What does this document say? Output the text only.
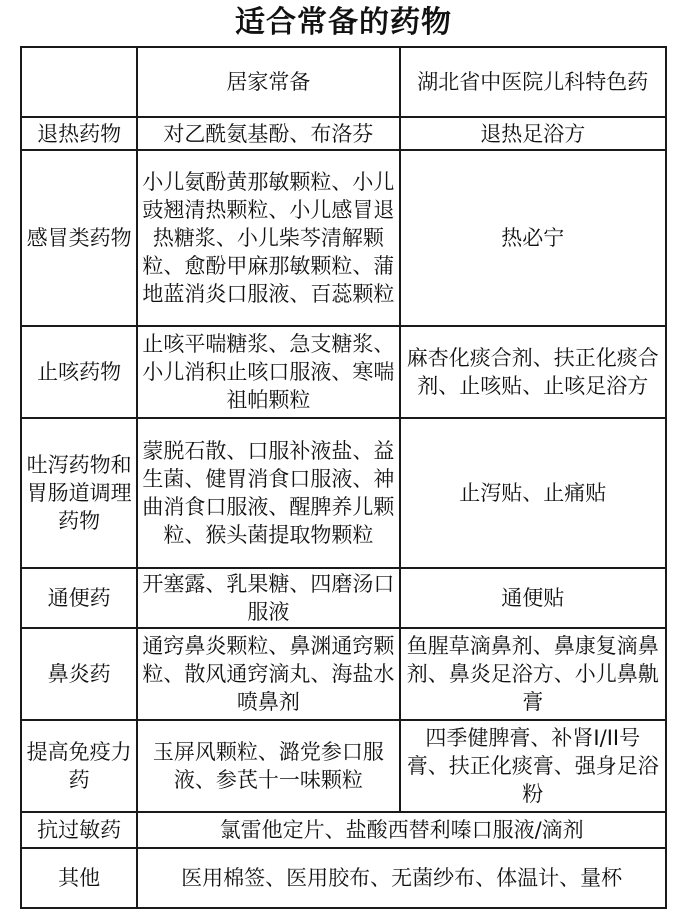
适合常备的药物
	居家常备	湖北省中医院儿科特色药
退热药物	对乙酰氨基酚、布洛芬	退热足浴方
感冒类药物	小儿氨酚黄那敏颗粒、小儿豉翘清热颗粒、小儿感冒退热糖浆、小儿柴芩清解颗粒、愈酚甲麻那敏颗粒、蒲地蓝消炎口服液、百蕊颗粒	热必宁
止咳药物	止咳平喘糖浆、急支糖浆、小儿消积止咳口服液、寒喘祖帕颗粒	麻杏化痰合剂、扶正化痰合剂、止咳贴、止咳足浴方
吐泻药物和胃肠道调理药物	蒙脱石散、口服补液盐、益生菌、健胃消食口服液、神曲消食口服液、醒脾养儿颗粒、猴头菌提取物颗粒	止泻贴、止痛贴
通便药	开塞露、乳果糖、四磨汤口服液	通便贴
鼻炎药	通窍鼻炎颗粒、鼻渊通窍颗粒、散风通窍滴丸、海盐水喷鼻剂	鱼腥草滴鼻剂、鼻康复滴鼻剂、鼻炎足浴方、小儿鼻鼽膏
提高免疫力药	玉屏风颗粒、潞党参口服液、参芪十一味颗粒	四季健脾膏、补肾I/II号膏、扶正化痰膏、强身足浴粉
抗过敏药	氯雷他定片、盐酸西替利嗪口服液/滴剂	
其他	医用棉签、医用胶布、无菌纱布、体温计、量杯	
